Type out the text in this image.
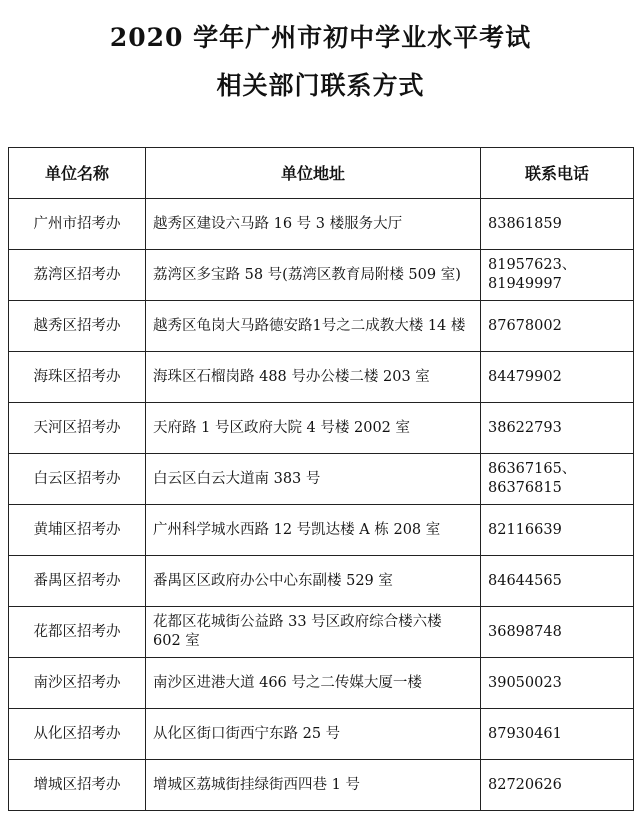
2020 学年广州市初中学业水平考试
相关部门联系方式
单位名称	单位地址	联系电话
广州市招考办	越秀区建设六马路 16 号 3 楼服务大厅	83861859

荔湾区招考办	荔湾区多宝路 58 号(荔湾区教育局附楼 509 室)	81957623、
81949997

越秀区招考办	越秀区龟岗大马路德安路1号之二成教大楼 14 楼	87678002

海珠区招考办	海珠区石榴岗路 488 号办公楼二楼 203 室	84479902

天河区招考办	天府路 1 号区政府大院 4 号楼 2002 室	38622793

白云区招考办	白云区白云大道南 383 号	86367165、
86376815

黄埔区招考办	广州科学城水西路 12 号凯达楼 A 栋 208 室	82116639

番禺区招考办	番禺区区政府办公中心东副楼 529 室	84644565

花都区招考办	花都区花城街公益路 33 号区政府综合楼六楼 602 室	36898748

南沙区招考办	南沙区进港大道 466 号之二传媒大厦一楼	39050023

从化区招考办	从化区街口街西宁东路 25 号	87930461

增城区招考办	增城区荔城街挂绿街西四巷 1 号	82720626
